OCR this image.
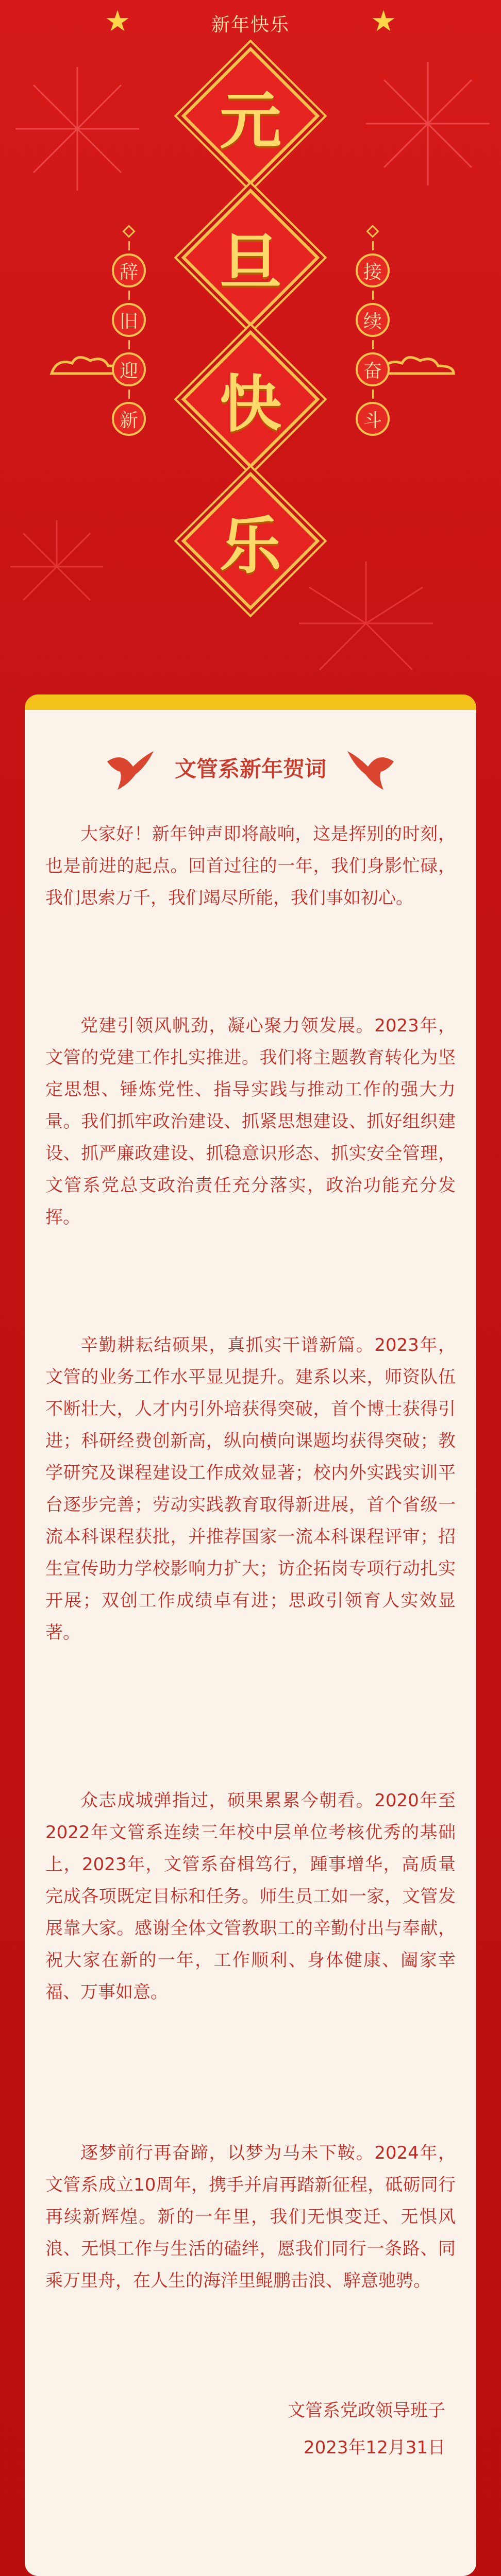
★	新年快乐	★
元
旦
快
乐
辞
旧
迎
新
接
续
奋
斗
文管系新年贺词
大家好！新年钟声即将敲响，这是挥别的时刻，也是前进的起点。回首过往的一年，我们身影忙碌，我们思索万千，我们竭尽所能，我们事如初心。
党建引领风帆劲，凝心聚力领发展。2023年，文管的党建工作扎实推进。我们将主题教育转化为坚定思想、锤炼党性、指导实践与推动工作的强大力量。我们抓牢政治建设、抓紧思想建设、抓好组织建设、抓严廉政建设、抓稳意识形态、抓实安全管理，文管系党总支政治责任充分落实，政治功能充分发挥。
辛勤耕耘结硕果，真抓实干谱新篇。2023年，文管的业务工作水平显见提升。建系以来，师资队伍不断壮大，人才内引外培获得突破，首个博士获得引进；科研经费创新高，纵向横向课题均获得突破；教学研究及课程建设工作成效显著；校内外实践实训平台逐步完善；劳动实践教育取得新进展，首个省级一流本科课程获批，并推荐国家一流本科课程评审；招生宣传助力学校影响力扩大；访企拓岗专项行动扎实开展；双创工作成绩卓有进；思政引领育人实效显著。
众志成城弹指过，硕果累累今朝看。2020年至2022年文管系连续三年校中层单位考核优秀的基础上，2023年，文管系奋楫笃行，踵事增华，高质量完成各项既定目标和任务。师生员工如一家，文管发展靠大家。感谢全体文管教职工的辛勤付出与奉献，祝大家在新的一年，工作顺利、身体健康、阖家幸福、万事如意。
逐梦前行再奋蹄，以梦为马未下鞍。2024年，文管系成立10周年，携手并肩再踏新征程，砥砺同行再续新辉煌。新的一年里，我们无惧变迁、无惧风浪、无惧工作与生活的磕绊，愿我们同行一条路、同乘万里舟，在人生的海洋里鲲鹏击浪、騂意驰骋。
文管系党政领导班子
2023年12月31日
